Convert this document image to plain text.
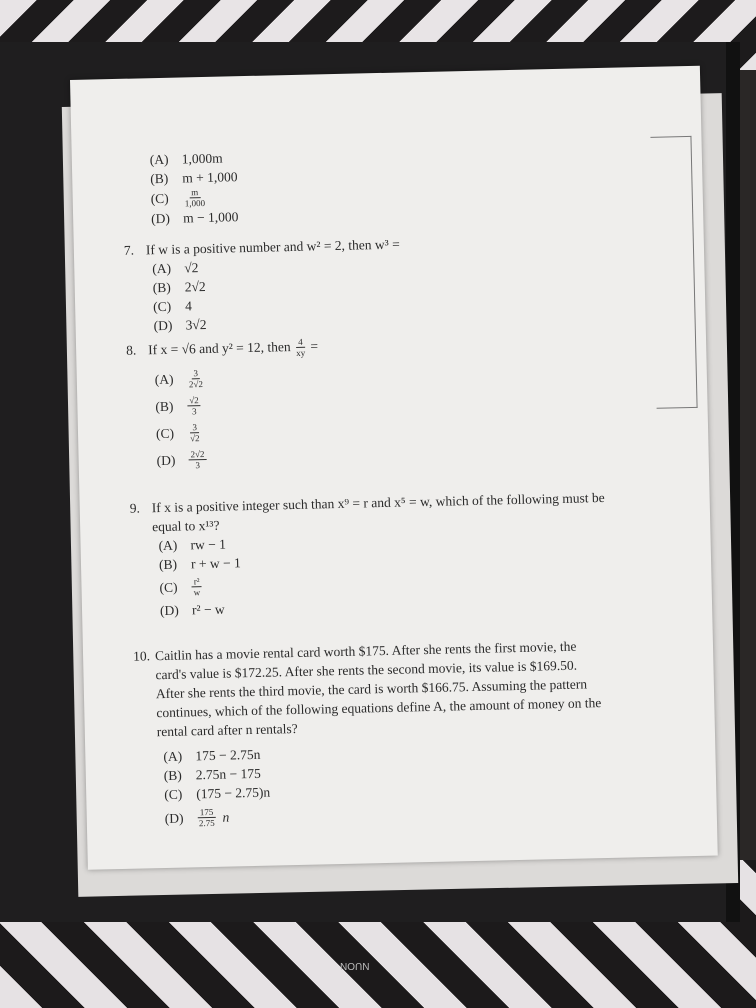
NUON
(A) 1,000m
(B)	m + 1,000
(C)	$\frac{m}{1,000}$
(D) m − 1,000
7. If w is a positive number and w² = 2, then w³ =
(A) √2
(B)	2√2
(C)	4
(D) 3√2
8. If x = √6 and y² = 12, then $\frac{4}{xy}$ =
(A)	$\frac{3}{2√2}$
(B)	$\frac{√2}{3}$
(C)	$\frac{3}{√2}$
(D)	$\frac{2√2}{3}$
9. If x is a positive integer such than x⁹ = r and x⁵ = w, which of the following must be
equal to x¹³?
(A) rw − 1
(B)	r + w − 1
(C)	$\frac{\text{r²}}{w}$
(D) r² − w
10. Caitlin has a movie rental card worth $175. After she rents the first movie, the
card's value is $172.25. After she rents the second movie, its value is $169.50.
After she rents the third movie, the card is worth $166.75. Assuming the pattern
continues, which of the following equations define A, the amount of money on the
rental card after n rentals?
(A) 175 − 2.75n
(B)	2.75n − 175
(C)	(175 − 2.75)n
(D)	$\frac{175}{2.75}$ n
